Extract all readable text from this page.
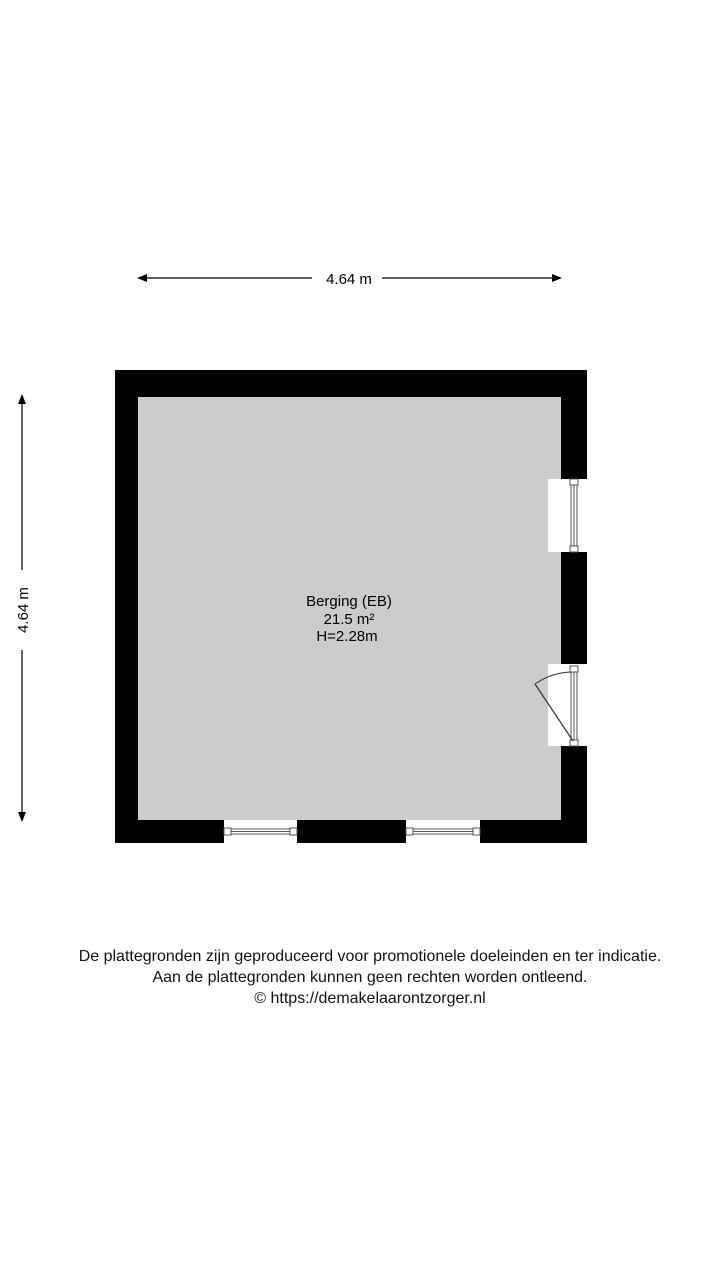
4.64 m
4.64 m	Berging (EB)
21.5 m²
H=2.28m
De plattegronden zijn geproduceerd voor promotionele doeleinden en ter indicatie.
Aan de plattegronden kunnen geen rechten worden ontleend.
© https://demakelaarontzorger.nl
